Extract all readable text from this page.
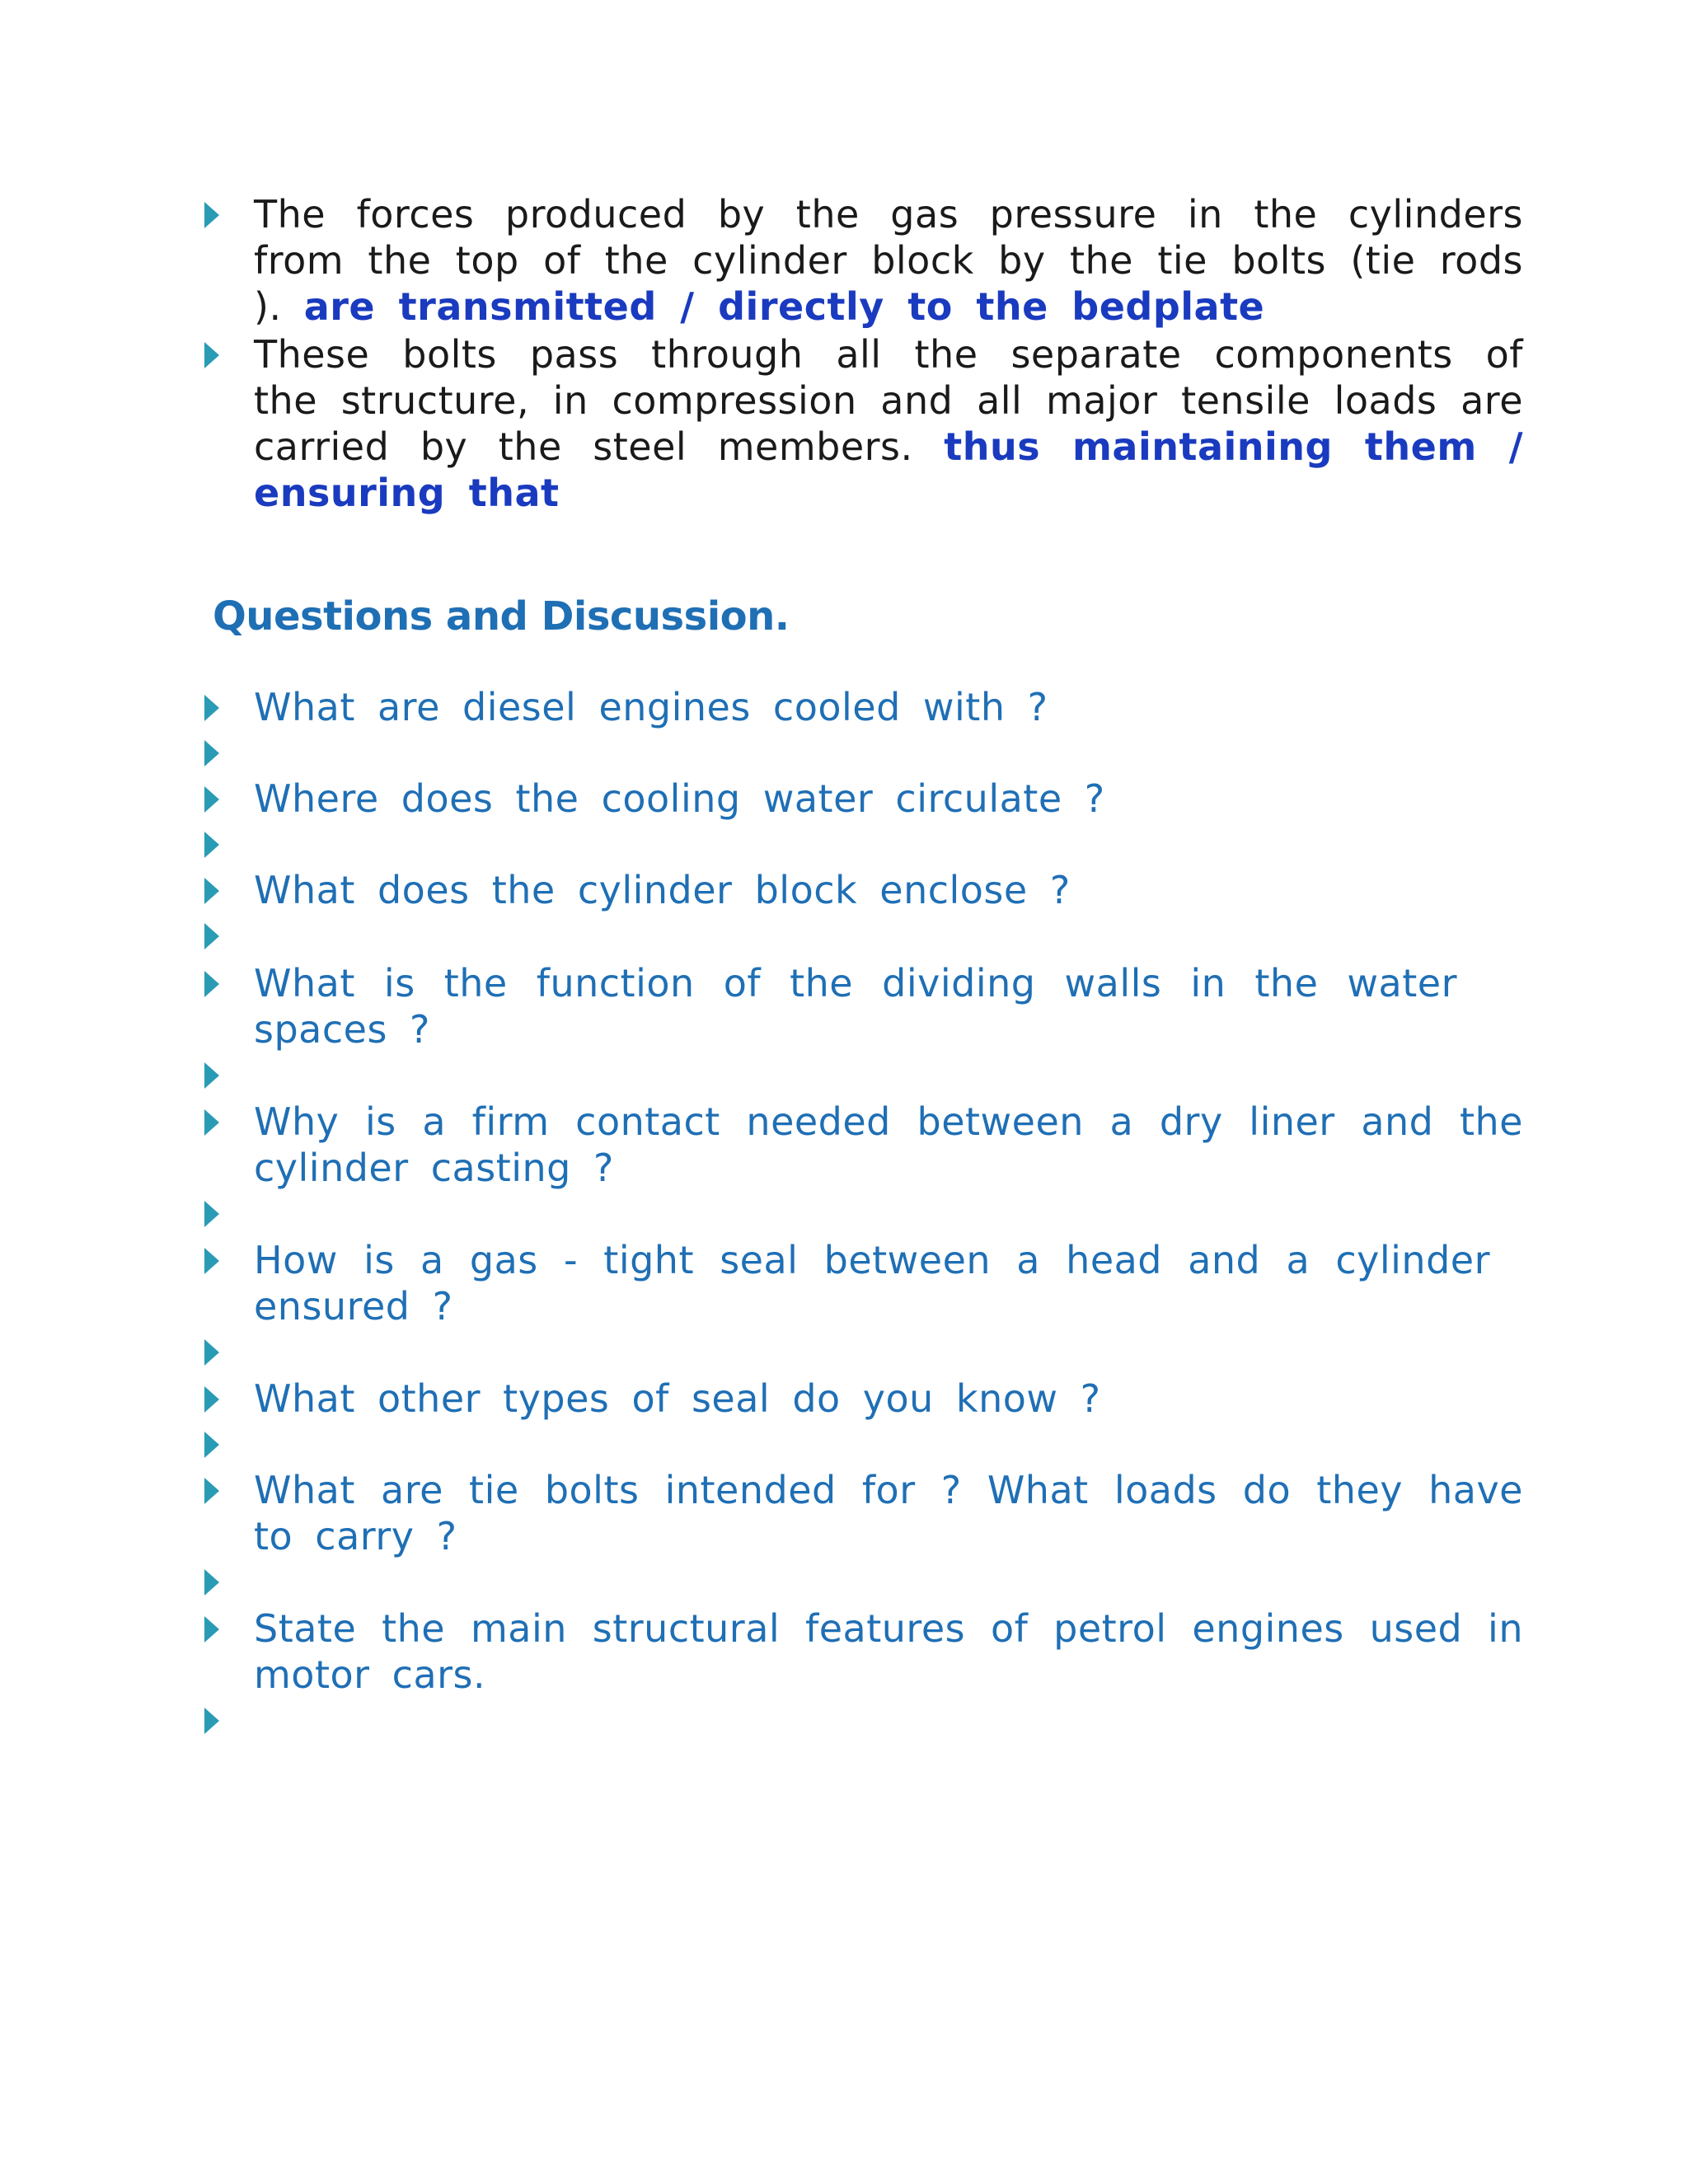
The forces produced by the gas pressure in the cylinders from the top of the cylinder block by the tie bolts (tie rods ). are transmitted / directly to the bedplate
These bolts pass through all the separate components of the structure, in compression and all major tensile loads are carried by the steel members. thus maintaining them / ensuring that
Questions and Discussion.
What are diesel engines cooled with ?
Where does the cooling water circulate ?
What does the cylinder block enclose ?
What is the function of the dividing walls in the water spaces ?
Why is a firm contact needed between a dry liner and the cylinder casting ?
How is a gas - tight seal between a head and a cylinder ensured ?
What other types of seal do you know ?
What are tie bolts intended for ? What loads do they have to carry ?
State the main structural features of petrol engines used in motor cars.
